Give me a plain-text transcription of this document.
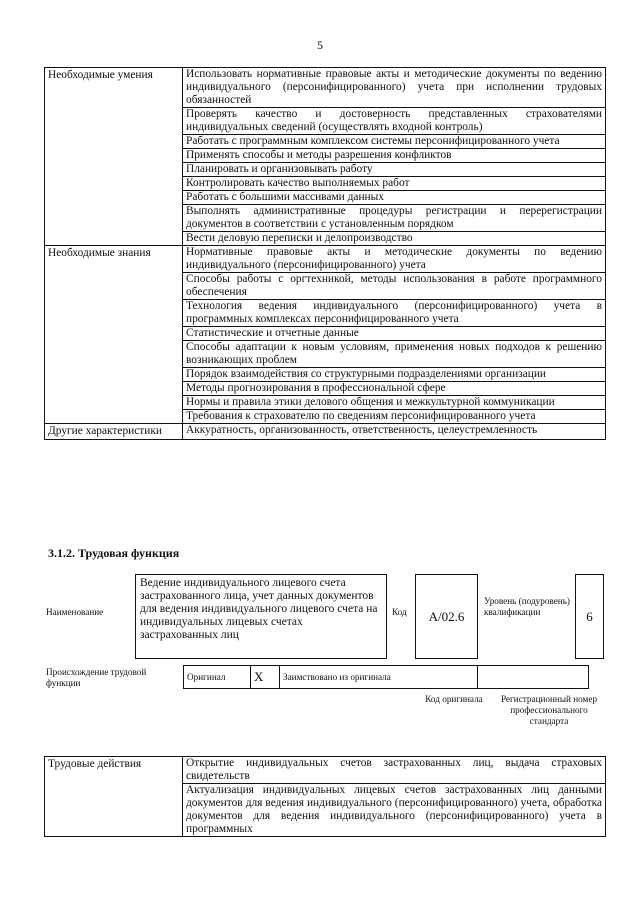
5
Необходимые умения	Использовать нормативные правовые акты и методические документы по ведению индивидуального (персонифицированного) учета при исполнении трудовых обязанностей
	Проверять качество и достоверность представленных страхователями индивидуальных сведений (осуществлять входной контроль)
	Работать с программным комплексом системы персонифицированного учета
	Применять способы и методы разрешения конфликтов
	Планировать и организовывать работу
	Контролировать качество выполняемых работ
	Работать с большими массивами данных
	Выполнять административные процедуры регистрации и перерегистрации документов в соответствии с установленным порядком
	Вести деловую переписки и делопроизводство
Необходимые знания	Нормативные правовые акты и методические документы по ведению индивидуального (персонифицированного) учета
	Способы работы с оргтехникой, методы использования в работе программного обеспечения
	Технология ведения индивидуального (персонифицированного) учета в программных комплексах персонифицированного учета
	Статистические и отчетные данные
	Способы адаптации к новым условиям, применения новых подходов к решению возникающих проблем
	Порядок взаимодействия со структурными подразделениями организации
	Методы прогнозирования в профессиональной сфере
	Нормы и правила этики делового общения и межкультурной коммуникации
	Требования к страхователю по сведениям персонифицированного учета
Другие характеристики	Аккуратность, организованность, ответственность, целеустремленность
3.1.2. Трудовая функция
Наименование
Ведение индивидуального лицевого счета застрахованного лица, учет данных документов для ведения индивидуального лицевого счета на индивидуальных лицевых счетах застрахованных лиц
Код А/02.6
Уровень (подуровень) квалификации	6
Происхождение трудовой функции
Оригинал	X	Заимствовано из оригинала	
Код оригинала	Регистрационный номер профессионального стандарта
Трудовые действия	Открытие индивидуальных счетов застрахованных лиц, выдача страховых свидетельств
Актуализация индивидуальных лицевых счетов застрахованных лиц данными документов для ведения индивидуального (персонифицированного) учета, обработка документов для ведения индивидуального (персонифицированного) учета в программных
